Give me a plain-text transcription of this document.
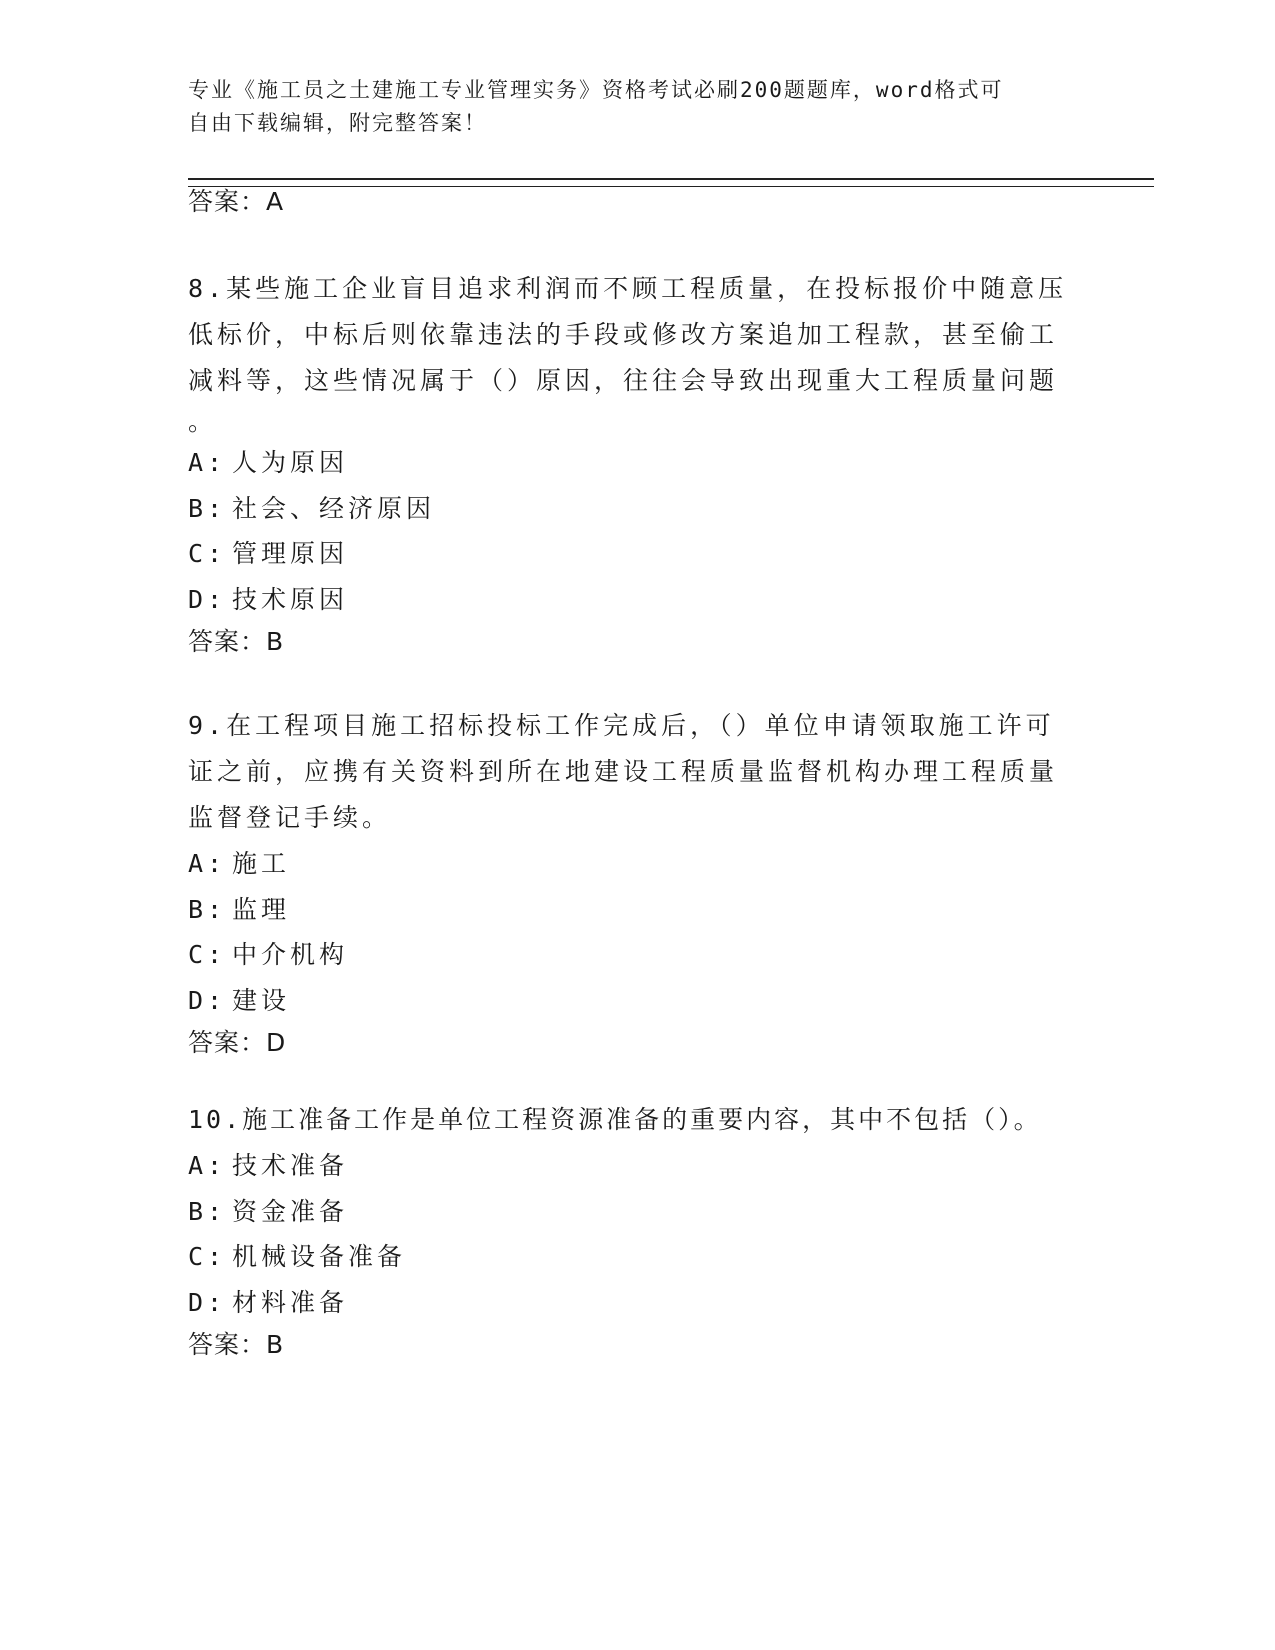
专业《施工员之土建施工专业管理实务》资格考试必刷200题题库，word格式可
自由下载编辑，附完整答案！
答案：A
8.某些施工企业盲目追求利润而不顾工程质量，在投标报价中随意压
低标价，中标后则依靠违法的手段或修改方案追加工程款，甚至偷工
减料等，这些情况属于（）原因，往往会导致出现重大工程质量问题
。
A: 人为原因
B: 社会、经济原因
C: 管理原因
D: 技术原因
答案：B
9.在工程项目施工招标投标工作完成后，（）单位申请领取施工许可
证之前，应携有关资料到所在地建设工程质量监督机构办理工程质量
监督登记手续。
A: 施工
B: 监理
C: 中介机构
D: 建设
答案：D
10.施工准备工作是单位工程资源准备的重要内容，其中不包括（）。
A: 技术准备
B: 资金准备
C: 机械设备准备
D: 材料准备
答案：B
